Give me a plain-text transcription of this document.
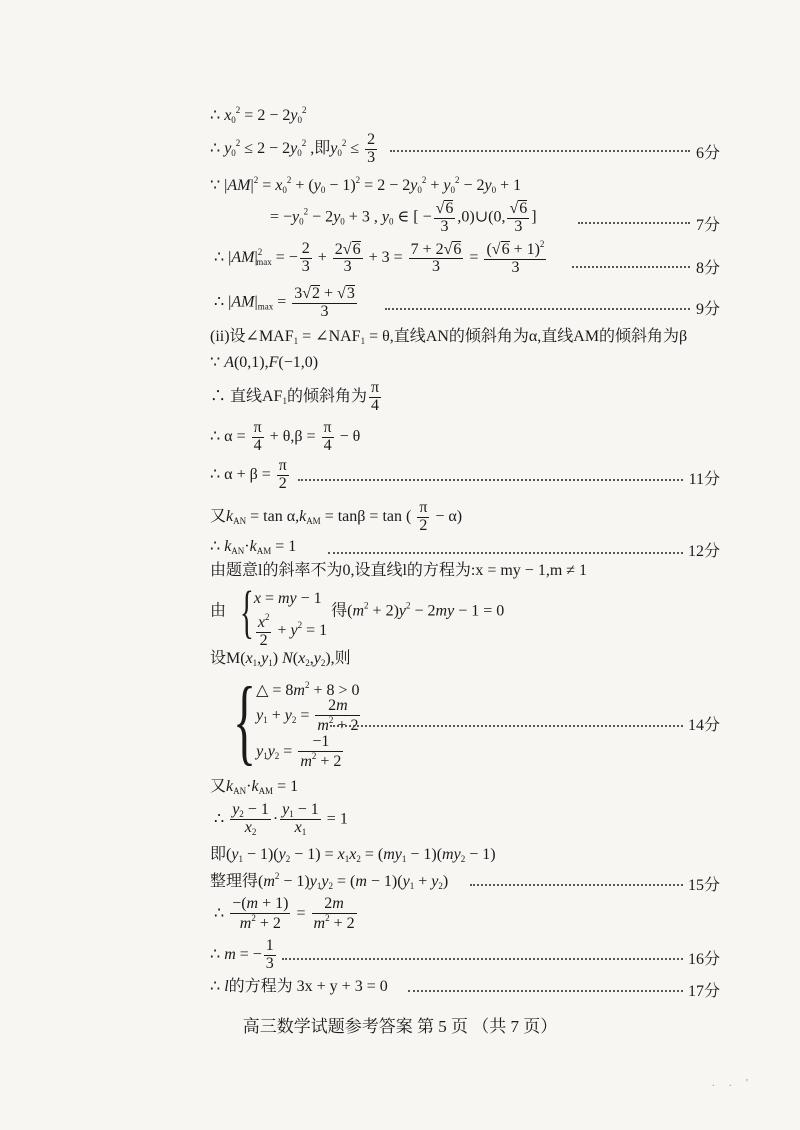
∴ $x_0^2 = 2 - 2y_0^2$
∴ $y_0^2 \le 2 - 2y_0^2$ ,即$y_0^2 \le \frac{2}{3}$	6分
∵ $|AM|^2 = x_0^2 + (y_0 - 1)^2 = 2 - 2y_0^2 + y_0^2 - 2y_0 + 1$
= $-y_0^2 - 2y_0 + 3$ , $y_0$ ∈ [ − $\frac{√6}{3}$ ,0)∪(0, $\frac{√6}{3}$ ]
7分
∴ $|AM|^2_{max}$ = − $\frac{2}{3} + \frac{2√6}{3} + 3 = \frac{7 + 2√6}{3} = \frac{(√6 + 1)^2}{3}$	8分
∴ $|AM|_{max} = \frac{3√2 + √3}{3}$	9分
(ii)设$\angle MAF_1$ = $\angle NAF_1 = \theta$,直线AN的倾斜角为α,直线AM的倾斜角为β
∵ A(0,1),F(−1,0)
∴ 直线$AF_1$的倾斜角为 $\frac{\pi}{4}$
∴ $\alpha = \frac{\pi}{4} + \theta,\beta = \frac{\pi}{4} - \theta$
∴ $\alpha + \beta = \frac{\pi}{2}$	11分
又$k_{AN} = \tan \alpha,k_{AM} = \tan\beta = \tan$ ( $\frac{\pi}{2} - \alpha$)
∴ $k_{AN}\cdot k_{AM} = 1$	12分
由题意l的斜率不为0,设直线l的方程为:x = my − 1,m ≠ 1
由 { x = my − 1
$\frac{x^2}{2} + y^2 = 1$
得$(m^2 + 2)y^2 - 2my - 1 = 0$
设$M(x_1,y_1)$ $N(x_2,y_2)$,则
{ △ = $8m^2 + 8 > 0$
$y_1 + y_2 = \frac{2m}{m^2 + 2}$
$y_1y_2 = \frac{-1}{m^2 + 2}$
14分
又$k_{AN}\cdot k_{AM} = 1$
∴ $\frac{y_2 - 1}{x_2} \cdot \frac{y_1 - 1}{x_1} = 1$
即$(y_1 - 1)(y_2 - 1) = x_1x_2 = (my_1 - 1)(my_2 - 1)$
整理得$(m^2 - 1)y_1y_2 = (m - 1)(y_1 + y_2)$	15分
∴ $\frac{-(m + 1)}{m^2 + 2} = \frac{2m}{m^2 + 2}$
∴ m = − $\frac{1}{3}$	16分
∴ l的方程为 3x + y + 3 = 0	17分
高三数学试题参考答案 第 5 页 （共 7 页）
. . '
